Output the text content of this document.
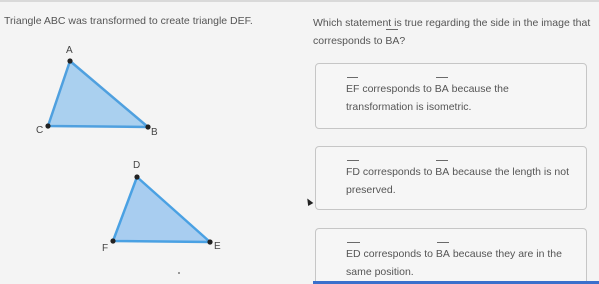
Triangle ABC was transformed to create triangle DEF.	Which statement is true regarding the side in the image that corresponds to BA?
A
B
C
D
E
F
EF corresponds to BA because the transformation is isometric.
FD corresponds to BA because the length is not preserved.
ED corresponds to BA because they are in the same position.
